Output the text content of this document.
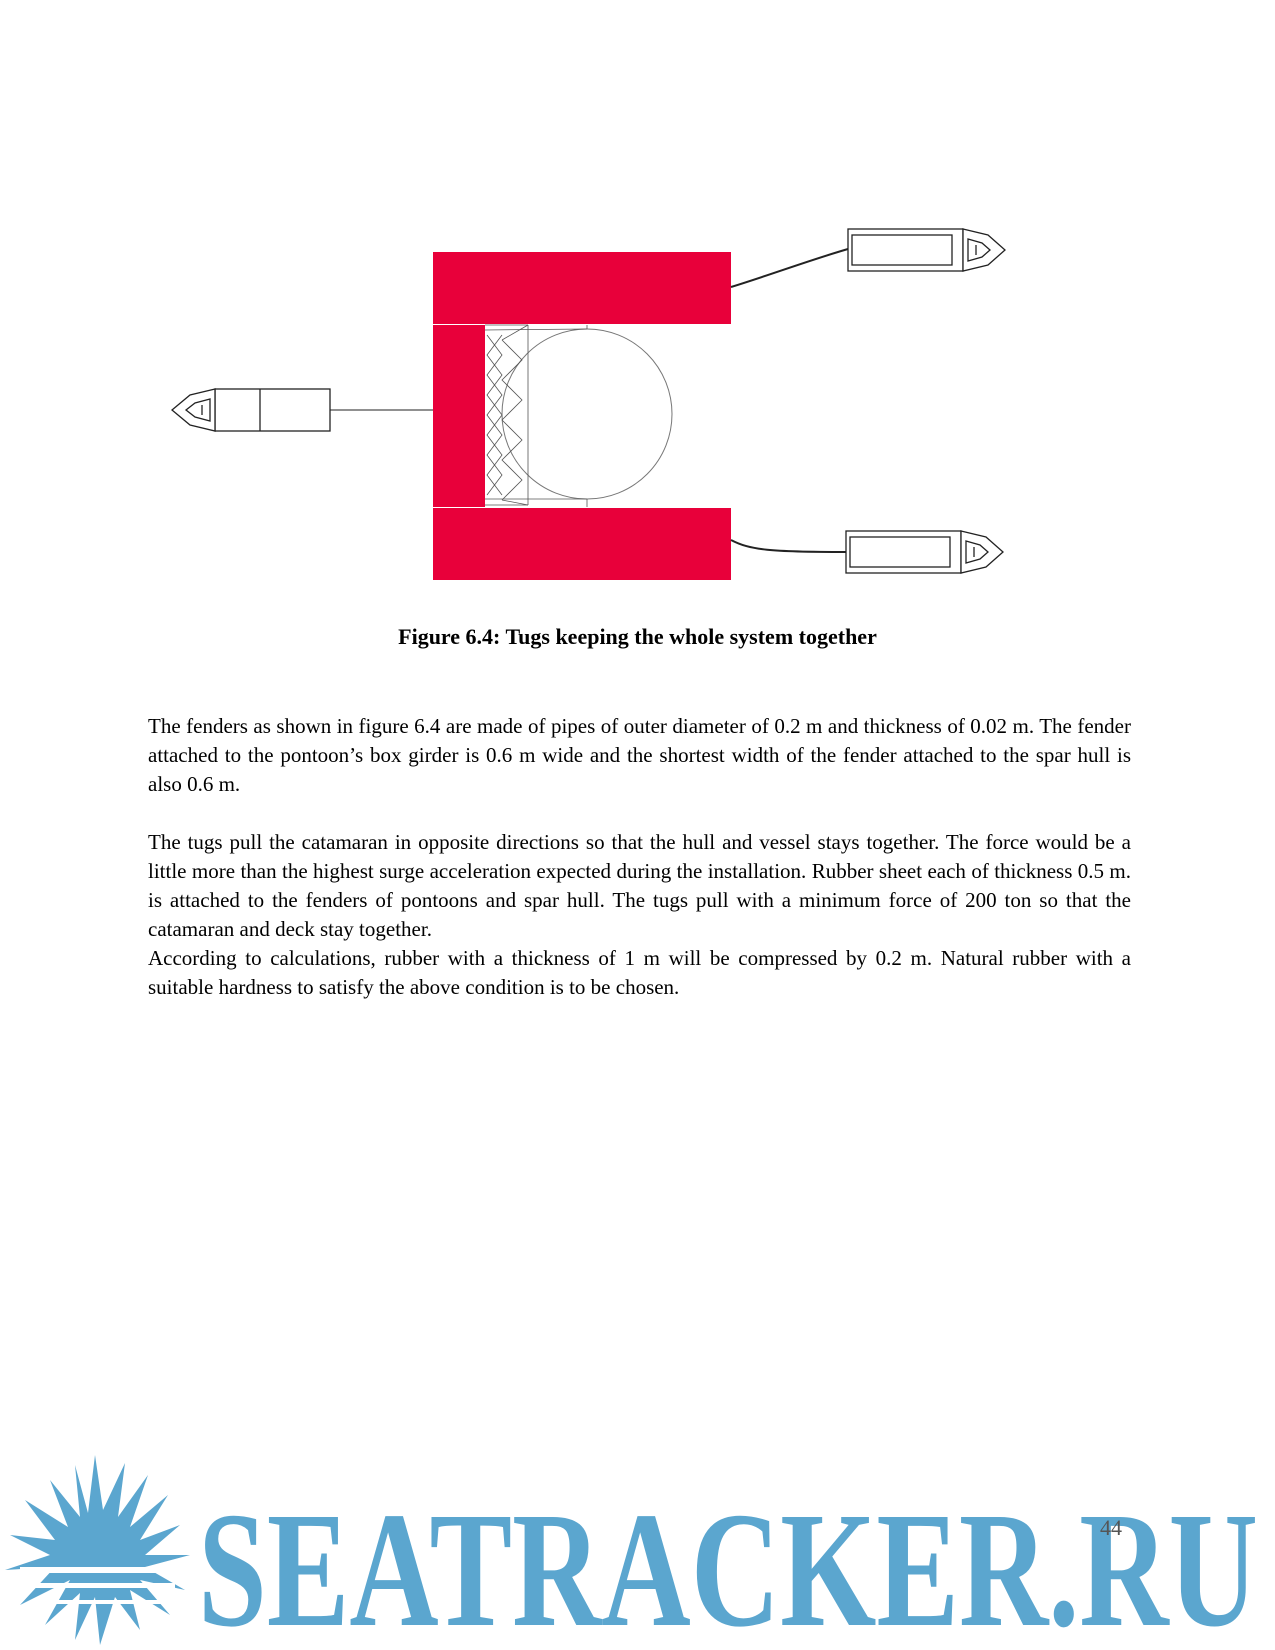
Figure 6.4: Tugs keeping the whole system together

The fenders as shown in figure 6.4 are made of pipes of outer diameter of 0.2 m and thickness of 0.02 m. The fender attached to the pontoon’s box girder is 0.6 m wide and the shortest width of the fender attached to the spar hull is also 0.6 m.

The tugs pull the catamaran in opposite directions so that the hull and vessel stays together. The force would be a little more than the highest surge acceleration expected during the installation. Rubber sheet each of thickness 0.5 m. is attached to the fenders of pontoons and spar hull. The tugs pull with a minimum force of 200 ton so that the catamaran and deck stay together.

According to calculations, rubber with a thickness of 1 m will be compressed by 0.2 m. Natural rubber with a suitable hardness to satisfy the above condition is to be chosen.

SEATRACKER.RU
44
